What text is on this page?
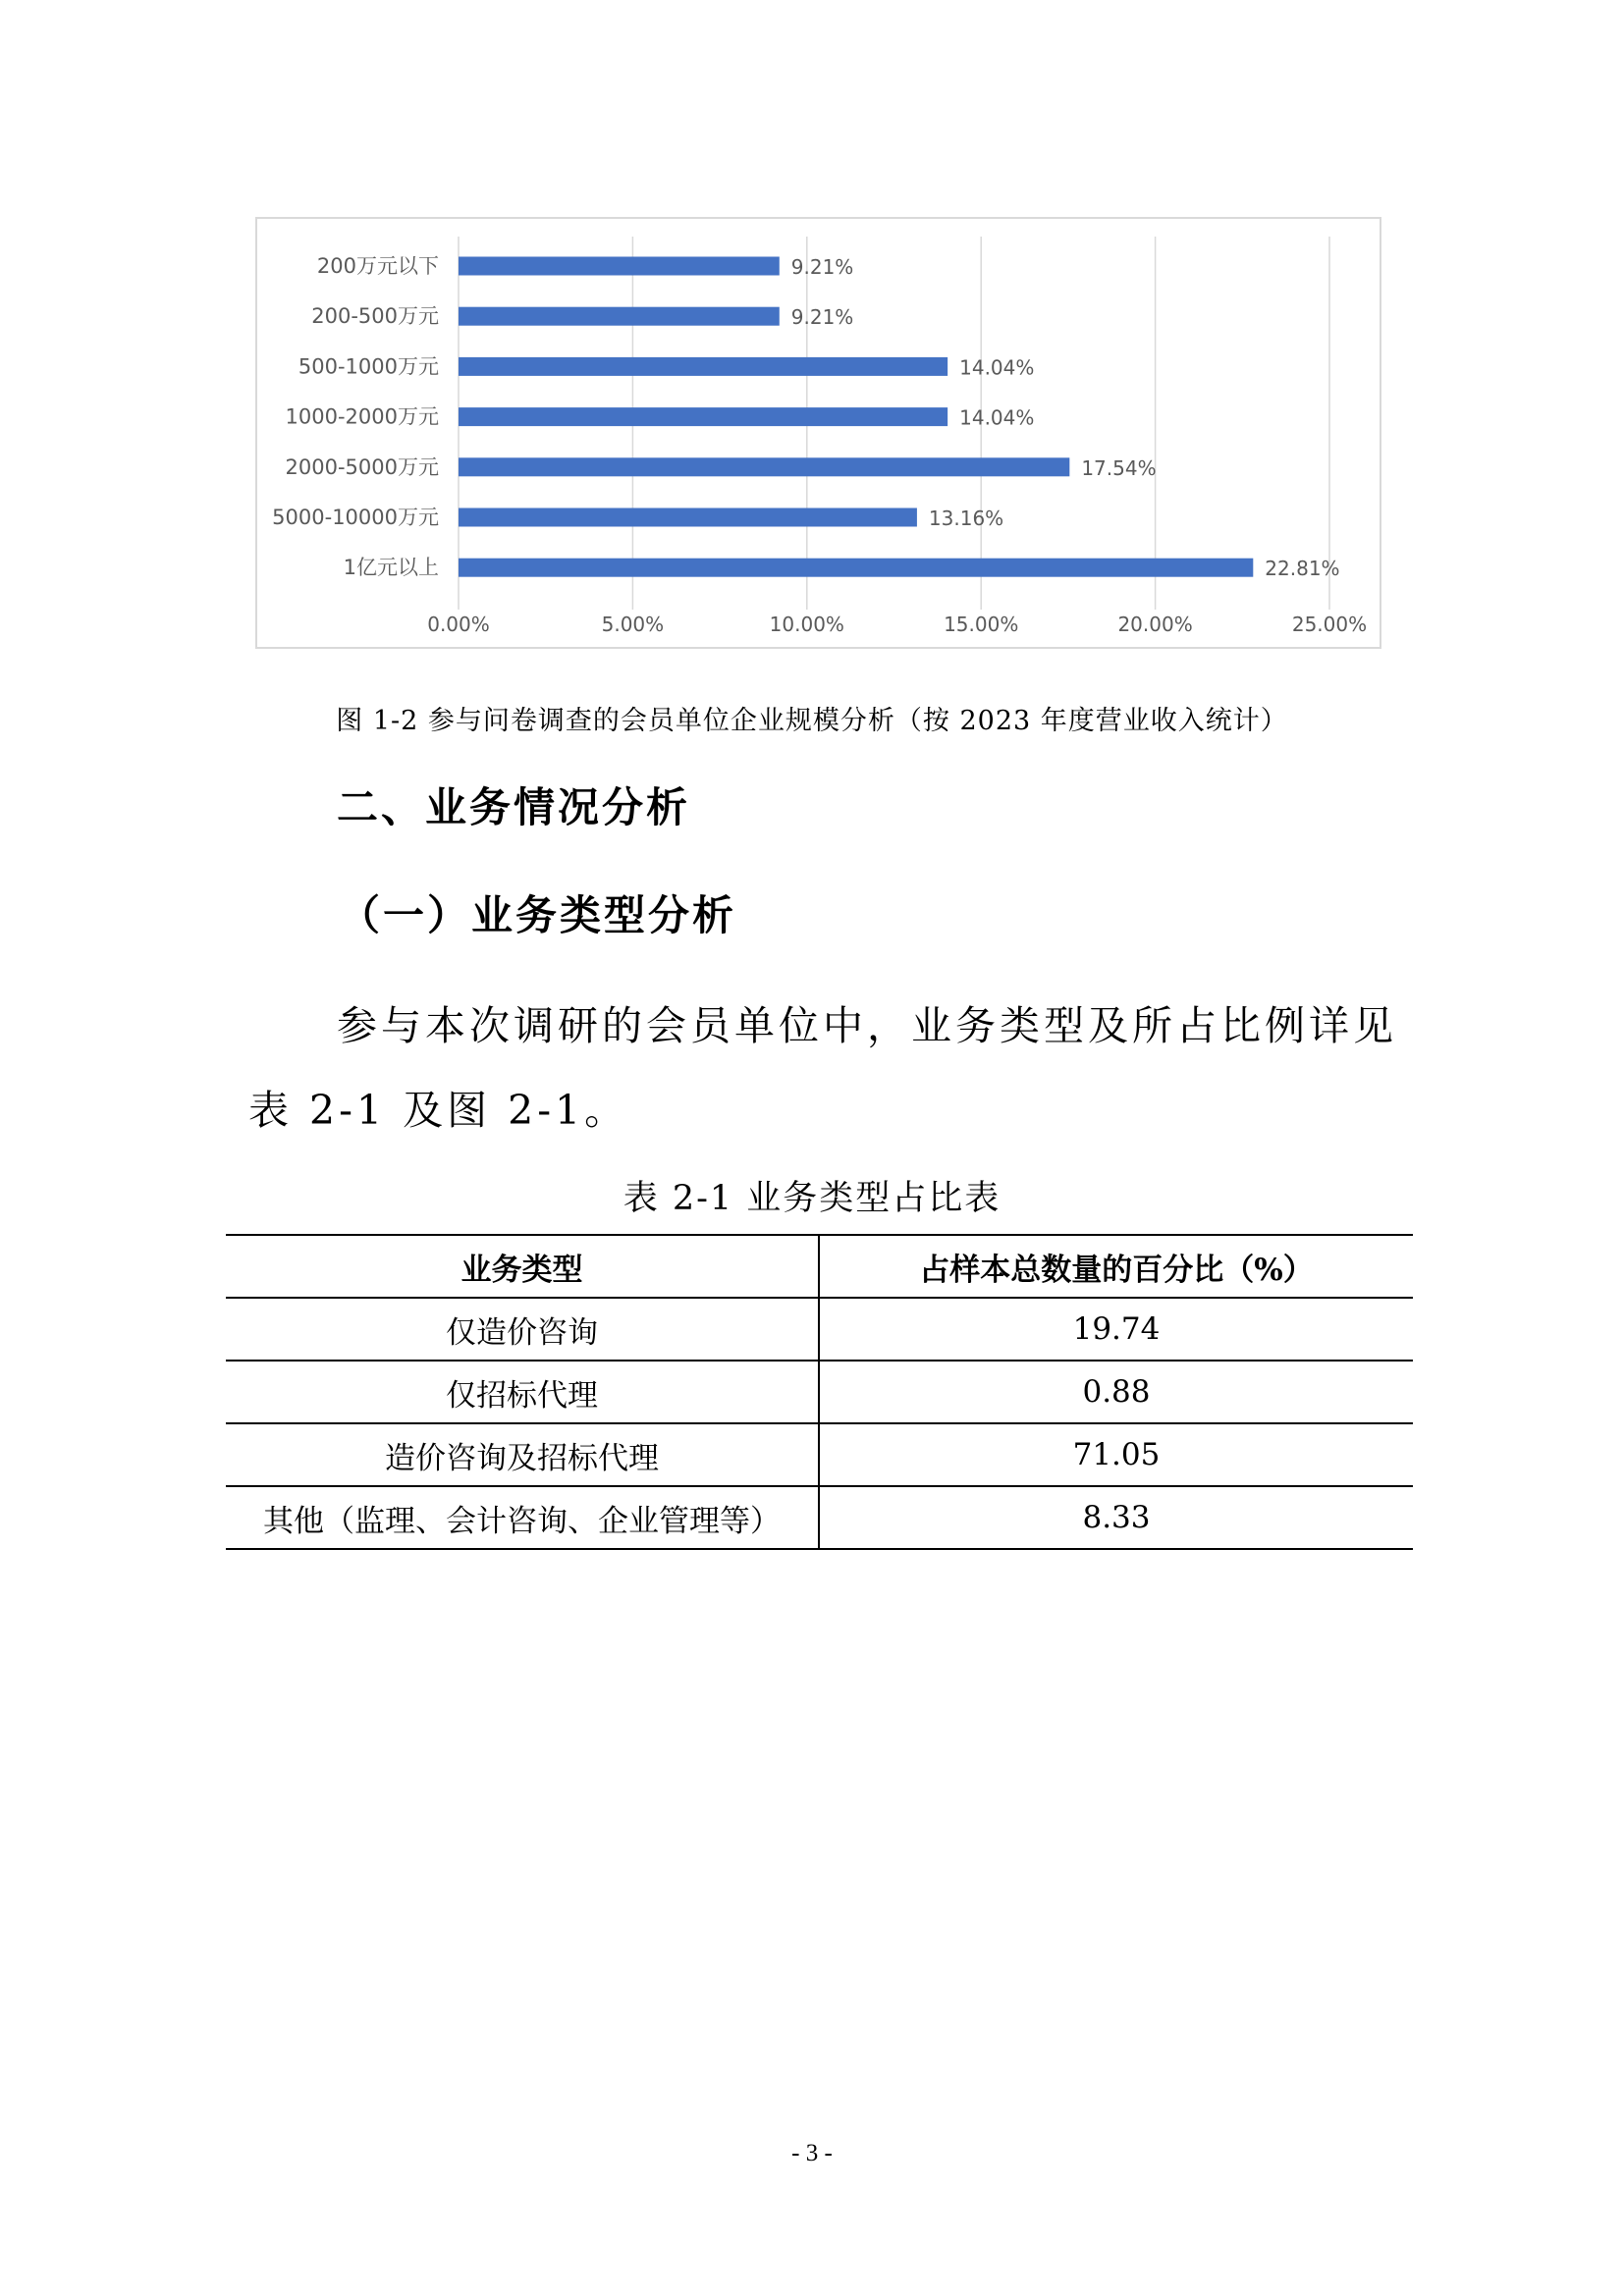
0.00%	5.00%	10.00%	15.00%	20.00%	25.00%
200万元以下	9.21%
200-500万元	9.21%
500-1000万元	14.04%
1000-2000万元	14.04%
2000-5000万元	17.54%
5000-10000万元	13.16%
1亿元以上	22.81%
图 1-2 参与问卷调查的会员单位企业规模分析（按 2023 年度营业收入统计）
二、业务情况分析
（一）业务类型分析
参与本次调研的会员单位中，业务类型及所占比例详见
表 2-1 及图 2-1。
表 2-1 业务类型占比表
业务类型	占样本总数量的百分比（%）
仅造价咨询	19.74
仅招标代理	0.88
造价咨询及招标代理	71.05
其他（监理、会计咨询、企业管理等）	8.33
- 3 -
